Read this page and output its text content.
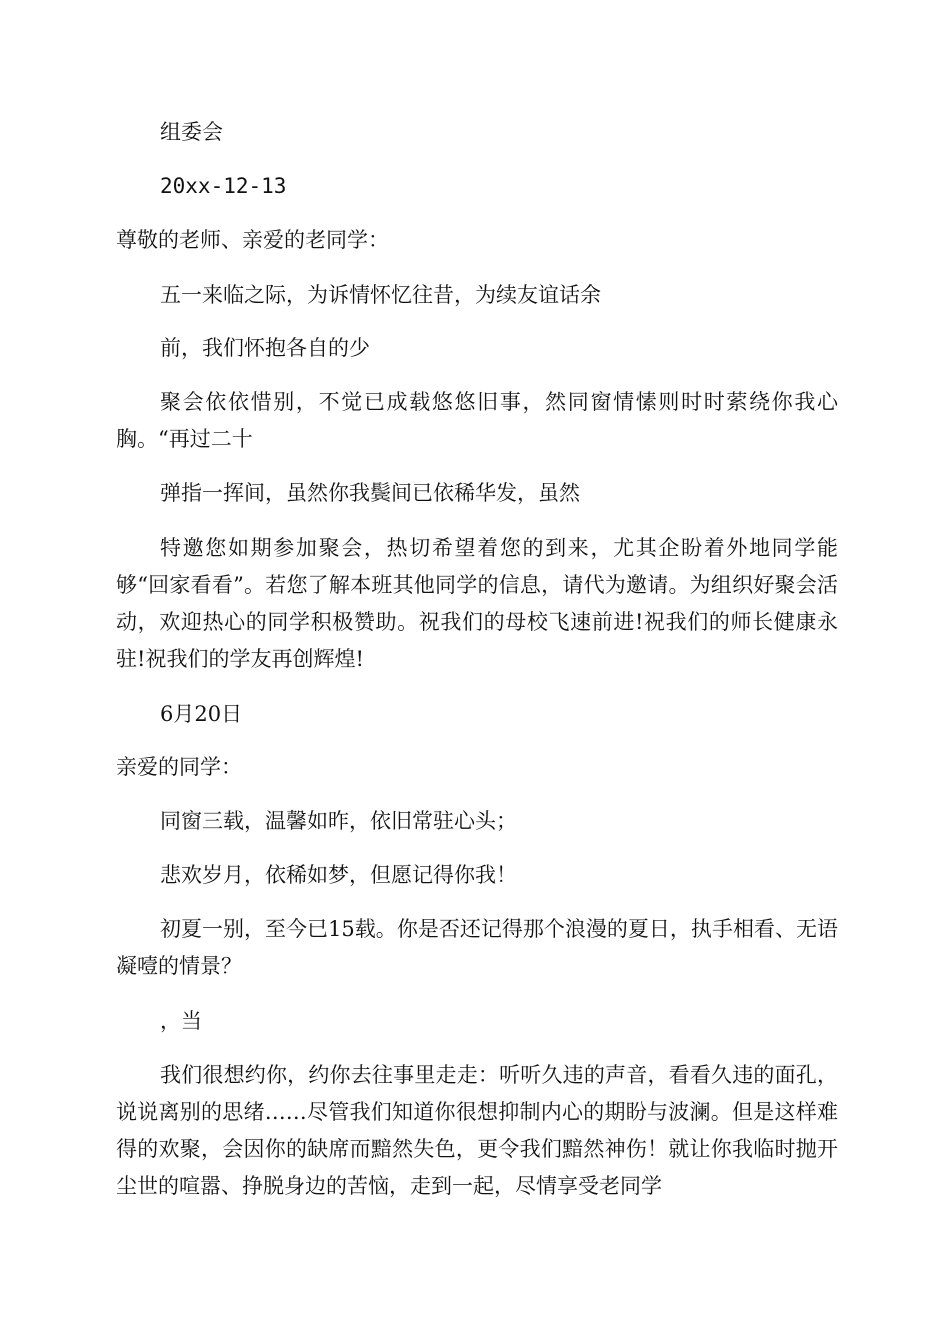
组委会

20xx-12-13

尊敬的老师、亲爱的老同学：

五一来临之际，为诉情怀忆往昔，为续友谊话余

前，我们怀抱各自的少

聚会依依惜别，不觉已成载悠悠旧事，然同窗情愫则时时萦绕你我心胸。“再过二十

弹指一挥间，虽然你我鬓间已依稀华发，虽然

特邀您如期参加聚会，热切希望着您的到来，尤其企盼着外地同学能够“回家看看”。若您了解本班其他同学的信息，请代为邀请。为组织好聚会活动，欢迎热心的同学积极赞助。祝我们的母校飞速前进!祝我们的师长健康永驻!祝我们的学友再创辉煌!

6月20日

亲爱的同学：

同窗三载，温馨如昨，依旧常驻心头；

悲欢岁月，依稀如梦，但愿记得你我！

初夏一别，至今已15载。你是否还记得那个浪漫的夏日，执手相看、无语凝噎的情景？

，当

我们很想约你，约你去往事里走走：听听久违的声音，看看久违的面孔，说说离别的思绪……尽管我们知道你很想抑制内心的期盼与波澜。但是这样难得的欢聚，会因你的缺席而黯然失色，更令我们黯然神伤！就让你我临时抛开尘世的喧嚣、挣脱身边的苦恼，走到一起，尽情享受老同学
